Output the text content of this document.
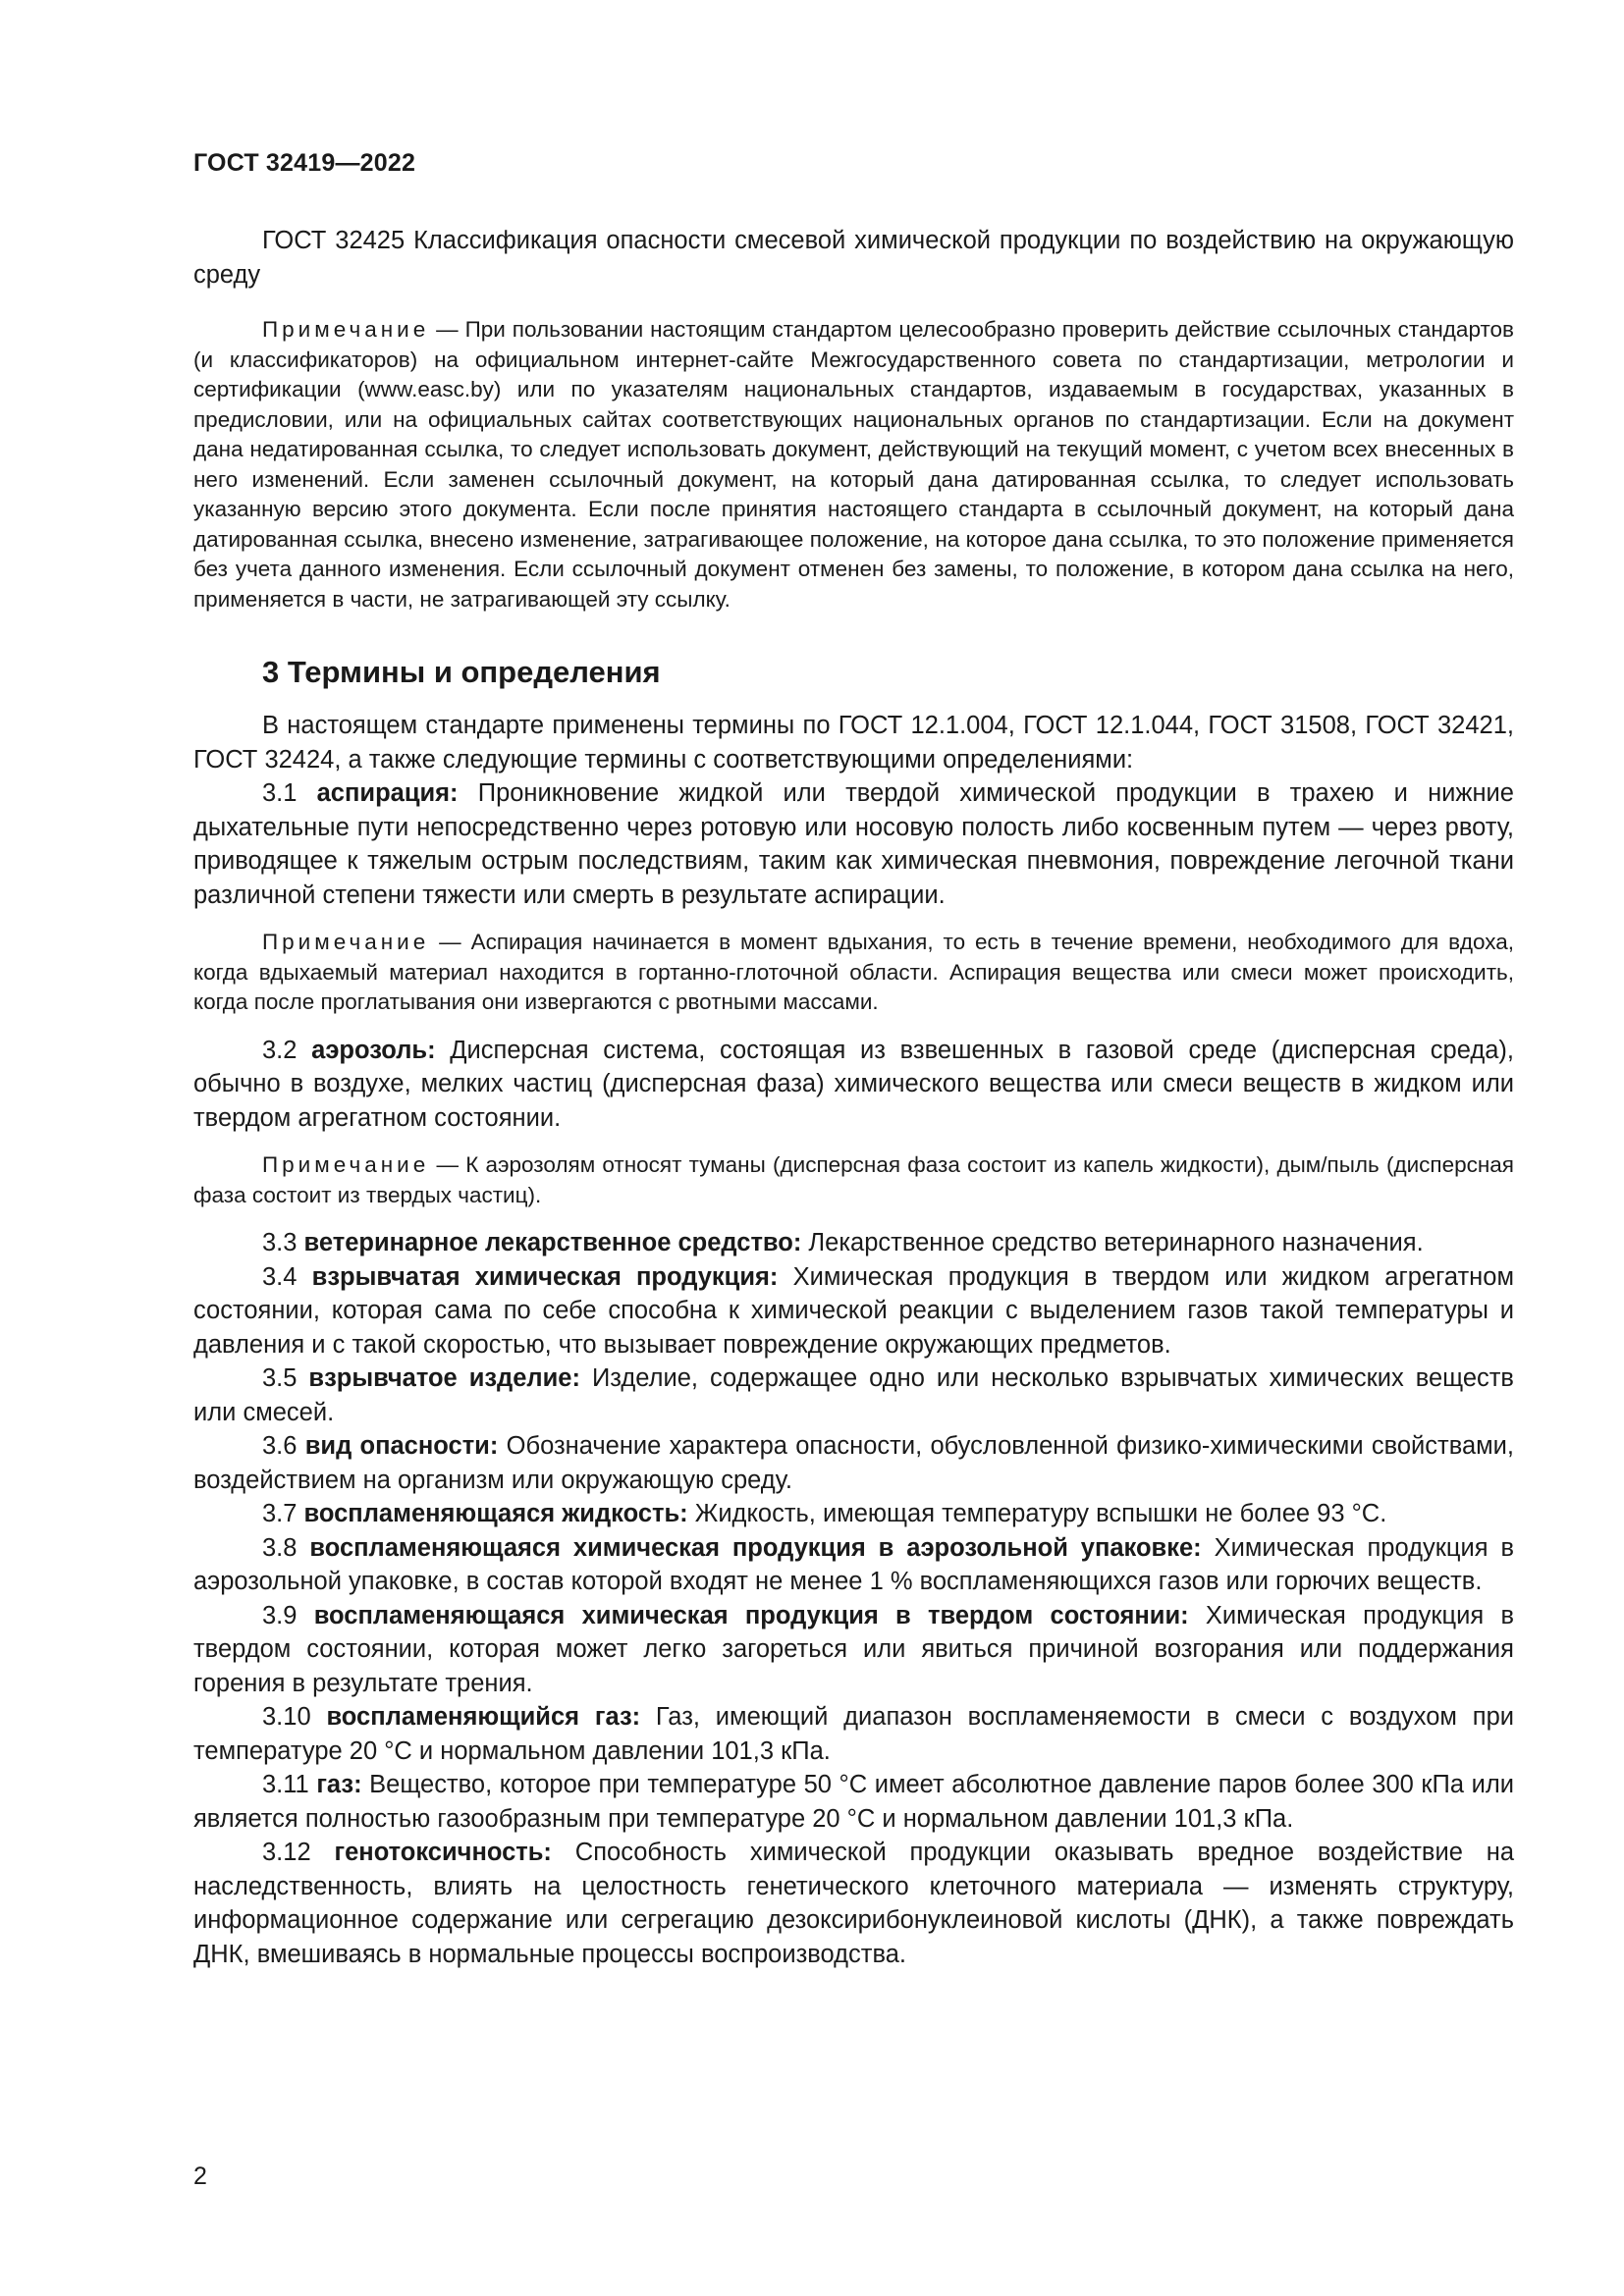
ГОСТ 32419—2022

ГОСТ 32425 Классификация опасности смесевой химической продукции по воздействию на окружающую среду

Примечание — При пользовании настоящим стандартом целесообразно проверить действие ссылочных стандартов (и классификаторов) на официальном интернет-сайте Межгосударственного совета по стандартизации, метрологии и сертификации (www.easc.by) или по указателям национальных стандартов, издаваемым в государствах, указанных в предисловии, или на официальных сайтах соответствующих национальных органов по стандартизации. Если на документ дана недатированная ссылка, то следует использовать документ, действующий на текущий момент, с учетом всех внесенных в него изменений. Если заменен ссылочный документ, на который дана датированная ссылка, то следует использовать указанную версию этого документа. Если после принятия настоящего стандарта в ссылочный документ, на который дана датированная ссылка, внесено изменение, затрагивающее положение, на которое дана ссылка, то это положение применяется без учета данного изменения. Если ссылочный документ отменен без замены, то положение, в котором дана ссылка на него, применяется в части, не затрагивающей эту ссылку.

3 Термины и определения

В настоящем стандарте применены термины по ГОСТ 12.1.004, ГОСТ 12.1.044, ГОСТ 31508, ГОСТ 32421, ГОСТ 32424, а также следующие термины с соответствующими определениями:

3.1 аспирация: Проникновение жидкой или твердой химической продукции в трахею и нижние дыхательные пути непосредственно через ротовую или носовую полость либо косвенным путем — через рвоту, приводящее к тяжелым острым последствиям, таким как химическая пневмония, повреждение легочной ткани различной степени тяжести или смерть в результате аспирации.

Примечание — Аспирация начинается в момент вдыхания, то есть в течение времени, необходимого для вдоха, когда вдыхаемый материал находится в гортанно-глоточной области. Аспирация вещества или смеси может происходить, когда после проглатывания они извергаются с рвотными массами.

3.2 аэрозоль: Дисперсная система, состоящая из взвешенных в газовой среде (дисперсная среда), обычно в воздухе, мелких частиц (дисперсная фаза) химического вещества или смеси веществ в жидком или твердом агрегатном состоянии.

Примечание — К аэрозолям относят туманы (дисперсная фаза состоит из капель жидкости), дым/пыль (дисперсная фаза состоит из твердых частиц).

3.3 ветеринарное лекарственное средство: Лекарственное средство ветеринарного назначения.

3.4 взрывчатая химическая продукция: Химическая продукция в твердом или жидком агрегатном состоянии, которая сама по себе способна к химической реакции с выделением газов такой температуры и давления и с такой скоростью, что вызывает повреждение окружающих предметов.

3.5 взрывчатое изделие: Изделие, содержащее одно или несколько взрывчатых химических веществ или смесей.

3.6 вид опасности: Обозначение характера опасности, обусловленной физико-химическими свойствами, воздействием на организм или окружающую среду.

3.7 воспламеняющаяся жидкость: Жидкость, имеющая температуру вспышки не более 93 °С.

3.8 воспламеняющаяся химическая продукция в аэрозольной упаковке: Химическая продукция в аэрозольной упаковке, в состав которой входят не менее 1 % воспламеняющихся газов или горючих веществ.

3.9 воспламеняющаяся химическая продукция в твердом состоянии: Химическая продукция в твердом состоянии, которая может легко загореться или явиться причиной возгорания или поддержания горения в результате трения.

3.10 воспламеняющийся газ: Газ, имеющий диапазон воспламеняемости в смеси с воздухом при температуре 20 °С и нормальном давлении 101,3 кПа.

3.11 газ: Вещество, которое при температуре 50 °С имеет абсолютное давление паров более 300 кПа или является полностью газообразным при температуре 20 °С и нормальном давлении 101,3 кПа.

3.12 генотоксичность: Способность химической продукции оказывать вредное воздействие на наследственность, влиять на целостность генетического клеточного материала — изменять структуру, информационное содержание или сегрегацию дезоксирибонуклеиновой кислоты (ДНК), а также повреждать ДНК, вмешиваясь в нормальные процессы воспроизводства.

2
